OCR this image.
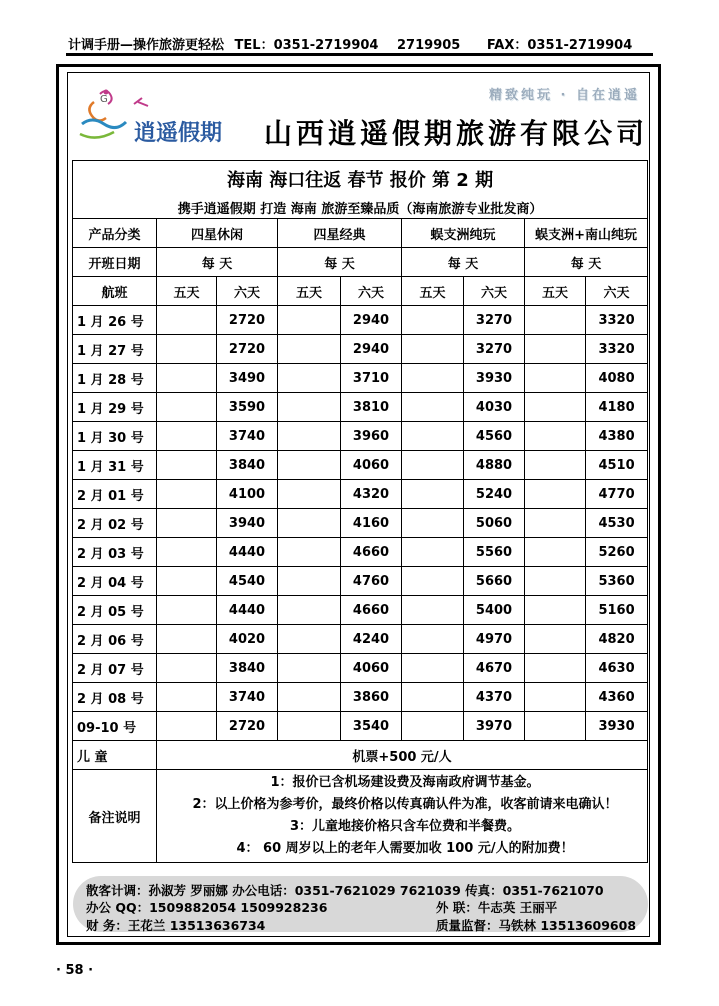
计调手册—操作旅游更轻松 TEL：0351-2719904 2719905 FAX：0351-2719904
G
逍遥假期
精致纯玩 · 自在逍遥
山西逍遥假期旅游有限公司
海南 海口往返 春节 报价 第 2 期								
携手逍遥假期 打造 海南 旅游至臻品质（海南旅游专业批发商）								
产品分类	四星休闲		四星经典		蜈支洲纯玩		蜈支洲+南山纯玩	
开班日期	每 天		每 天		每 天		每 天	
航班	五天	六天	五天	六天	五天	六天	五天	六天
1 月 26 号		2720		2940		3270		3320
1 月 27 号		2720		2940		3270		3320
1 月 28 号		3490		3710		3930		4080
1 月 29 号		3590		3810		4030		4180
1 月 30 号		3740		3960		4560		4380
1 月 31 号		3840		4060		4880		4510
2 月 01 号		4100		4320		5240		4770
2 月 02 号		3940		4160		5060		4530
2 月 03 号		4440		4660		5560		5260
2 月 04 号		4540		4760		5660		5360
2 月 05 号		4440		4660		5400		5160
2 月 06 号		4020		4240		4970		4820
2 月 07 号		3840		4060		4670		4630
2 月 08 号		3740		3860		4370		4360
09-10 号		2720		3540		3970		3930
儿 童	机票+500 元/人							
备注说明	1：报价已含机场建设费及海南政府调节基金。
2：以上价格为参考价，最终价格以传真确认件为准，收客前请来电确认！
3：儿童地接价格只含车位费和半餐费。
4： 60 周岁以上的老年人需要加收 100 元/人的附加费！							
散客计调：孙淑芳 罗丽娜 办公电话：0351-7621029 7621039 传真：0351-7621070
办公 QQ：1509882054 1509928236	外 联：牛志英 王丽平
财 务：王花兰 13513636734	质量监督：马铁林 13513609608
· 58 ·
